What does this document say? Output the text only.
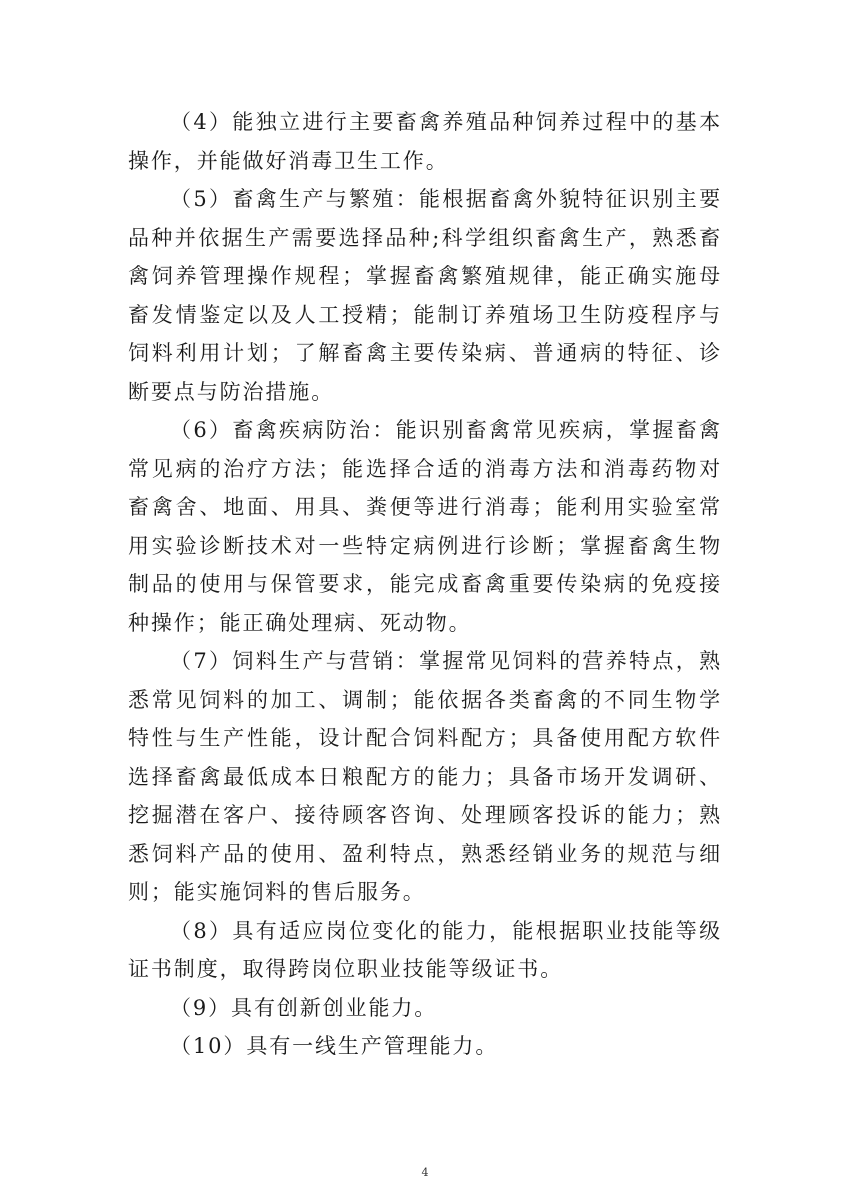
（4）能独立进行主要畜禽养殖品种饲养过程中的基本操作，并能做好消毒卫生工作。

（5）畜禽生产与繁殖：能根据畜禽外貌特征识别主要品种并依据生产需要选择品种;科学组织畜禽生产，熟悉畜禽饲养管理操作规程；掌握畜禽繁殖规律，能正确实施母畜发情鉴定以及人工授精；能制订养殖场卫生防疫程序与饲料利用计划；了解畜禽主要传染病、普通病的特征、诊断要点与防治措施。

（6）畜禽疾病防治：能识别畜禽常见疾病，掌握畜禽常见病的治疗方法；能选择合适的消毒方法和消毒药物对畜禽舍、地面、用具、粪便等进行消毒；能利用实验室常用实验诊断技术对一些特定病例进行诊断；掌握畜禽生物制品的使用与保管要求，能完成畜禽重要传染病的免疫接种操作；能正确处理病、死动物。

（7）饲料生产与营销：掌握常见饲料的营养特点，熟悉常见饲料的加工、调制；能依据各类畜禽的不同生物学特性与生产性能，设计配合饲料配方；具备使用配方软件选择畜禽最低成本日粮配方的能力；具备市场开发调研、挖掘潜在客户、接待顾客咨询、处理顾客投诉的能力；熟悉饲料产品的使用、盈利特点，熟悉经销业务的规范与细则；能实施饲料的售后服务。

（8）具有适应岗位变化的能力，能根据职业技能等级证书制度，取得跨岗位职业技能等级证书。

（9）具有创新创业能力。

（10）具有一线生产管理能力。

4
